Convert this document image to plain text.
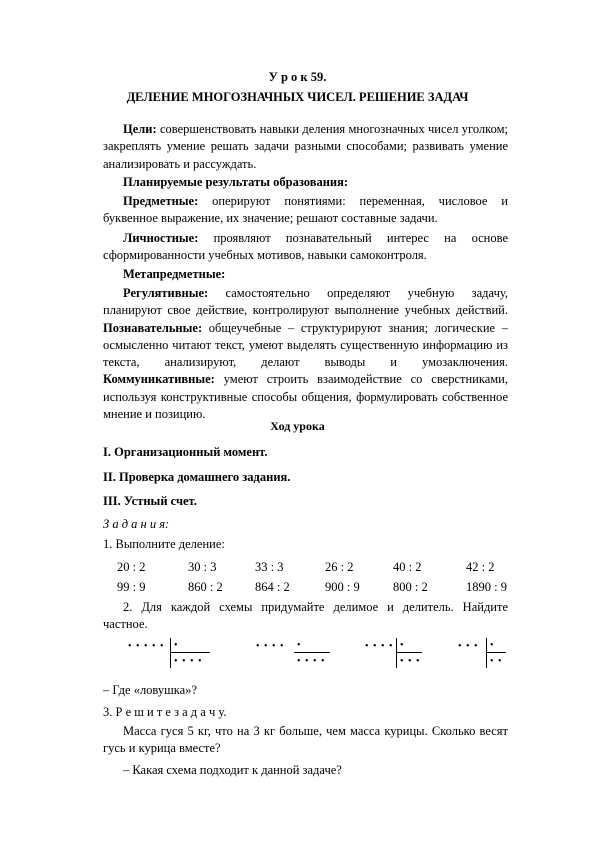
У р о к 59.
ДЕЛЕНИЕ МНОГОЗНАЧНЫХ ЧИСЕЛ. РЕШЕНИЕ ЗАДАЧ
Цели: совершенствовать навыки деления многозначных чисел уголком; закреплять умение решать задачи разными способами; развивать умение анализировать и рассуждать.
Планируемые результаты образования:
Предметные: оперируют понятиями: переменная, числовое и буквенное выражение, их значение; решают составные задачи.
Личностные: проявляют познавательный интерес на основе сформированности учебных мотивов, навыки самоконтроля.
Метапредметные:
Регулятивные: самостоятельно определяют учебную задачу, планируют свое действие, контролируют выполнение учебных действий. Познавательные: общеучебные – структурируют знания; логические – осмысленно читают текст, умеют выделять существенную информацию из текста, анализируют, делают выводы и умозаключения. Коммуникативные: умеют строить взаимодействие со сверстниками, используя конструктивные способы общения, формулировать собственное мнение и позицию.
Ход урока
I. Организационный момент.
II. Проверка домашнего задания.
III. Устный счет.
З а д а н и я:
1. Выполните деление:
20 : 2	30 : 3	33 : 3	26 : 2	40 : 2	42 : 2
99 : 9	860 : 2	864 : 2	900 : 9	800 : 2	1890 : 9
2. Для каждой схемы придумайте делимое и делитель. Найдите частное.
• • • • • •
• • • •
• • • • •
• • • •
• • • • •
• • •
• • • •
• •
– Где «ловушка»?
3. Р е ш и т е з а д а ч у.
Масса гуся 5 кг, что на 3 кг больше, чем масса курицы. Сколько весят гусь и курица вместе?
– Какая схема подходит к данной задаче?
